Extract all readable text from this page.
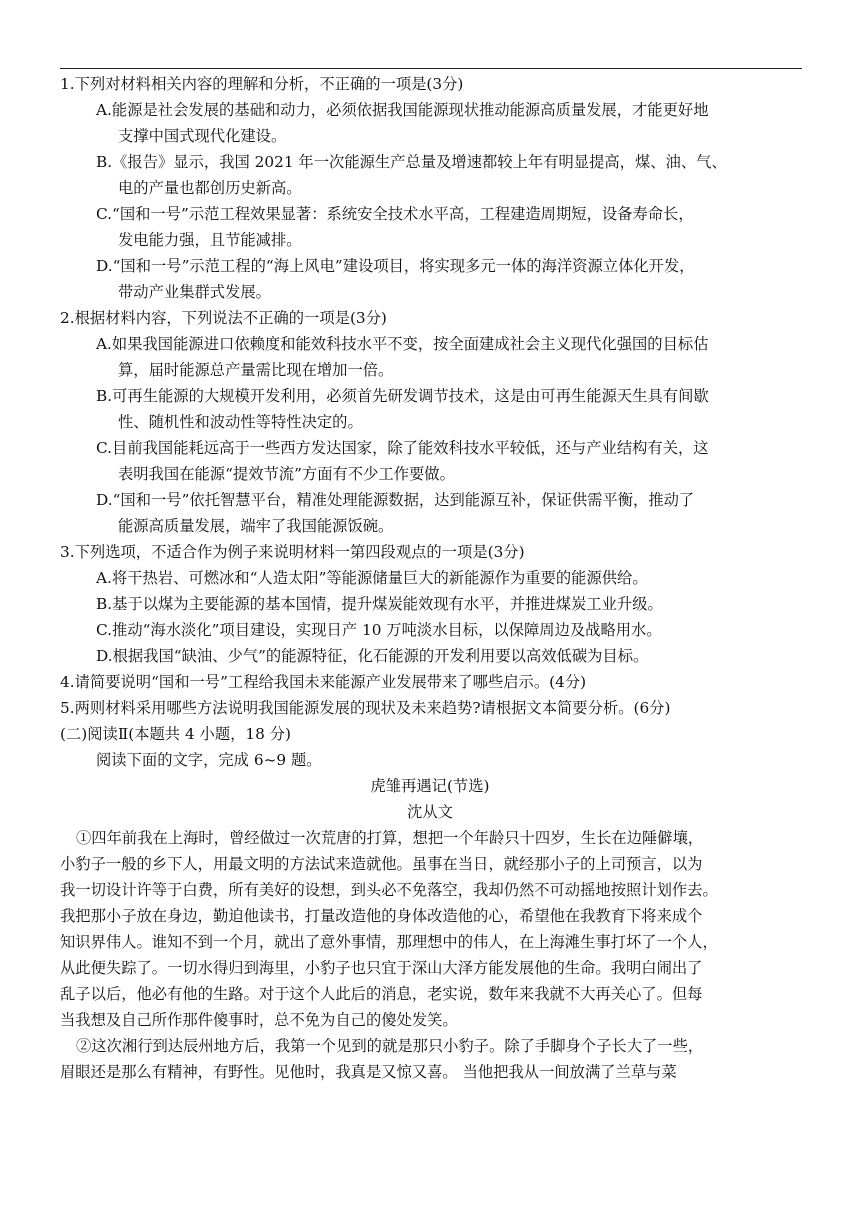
1.下列对材料相关内容的理解和分析，不正确的一项是(3分)
A.能源是社会发展的基础和动力，必须依据我国能源现状推动能源高质量发展，才能更好地
支撑中国式现代化建设。
B.《报告》显示，我国 2021 年一次能源生产总量及增速都较上年有明显提高，煤、油、气、
电的产量也都创历史新高。
C.“国和一号”示范工程效果显著：系统安全技术水平高，工程建造周期短，设备寿命长，
发电能力强，且节能减排。
D.“国和一号”示范工程的“海上风电”建设项目，将实现多元一体的海洋资源立体化开发，
带动产业集群式发展。
2.根据材料内容，下列说法不正确的一项是(3分)
A.如果我国能源进口依赖度和能效科技水平不变，按全面建成社会主义现代化强国的目标估
算，届时能源总产量需比现在增加一倍。
B.可再生能源的大规模开发利用，必须首先研发调节技术，这是由可再生能源天生具有间歇
性、随机性和波动性等特性决定的。
C.目前我国能耗远高于一些西方发达国家，除了能效科技水平较低，还与产业结构有关，这
表明我国在能源“提效节流”方面有不少工作要做。
D.“国和一号”依托智慧平台，精准处理能源数据，达到能源互补，保证供需平衡，推动了
能源高质量发展，端牢了我国能源饭碗。
3.下列选项，不适合作为例子来说明材料一第四段观点的一项是(3分)
A.将干热岩、可燃冰和“人造太阳”等能源储量巨大的新能源作为重要的能源供给。
B.基于以煤为主要能源的基本国情，提升煤炭能效现有水平，并推进煤炭工业升级。
C.推动“海水淡化”项目建设，实现日产 10 万吨淡水目标，以保障周边及战略用水。
D.根据我国“缺油、少气”的能源特征，化石能源的开发利用要以高效低碳为目标。
4.请简要说明“国和一号”工程给我国未来能源产业发展带来了哪些启示。(4分)
5.两则材料采用哪些方法说明我国能源发展的现状及未来趋势?请根据文本简要分析。(6分)
(二)阅读Ⅱ(本题共 4 小题，18 分)
阅读下面的文字，完成 6~9 题。
虎雏再遇记(节选)
沈从文
①四年前我在上海时，曾经做过一次荒唐的打算，想把一个年龄只十四岁，生长在边陲僻壤，
小豹子一般的乡下人，用最文明的方法试来造就他。虽事在当日，就经那小子的上司预言，以为
我一切设计许等于白费，所有美好的设想，到头必不免落空，我却仍然不可动摇地按照计划作去。
我把那小子放在身边，勤迫他读书，打量改造他的身体改造他的心，希望他在我教育下将来成个
知识界伟人。谁知不到一个月，就出了意外事情，那理想中的伟人，在上海滩生事打坏了一个人，
从此便失踪了。一切水得归到海里，小豹子也只宜于深山大泽方能发展他的生命。我明白闹出了
乱子以后，他必有他的生路。对于这个人此后的消息，老实说，数年来我就不大再关心了。但每
当我想及自己所作那件傻事时，总不免为自己的傻处发笑。
②这次湘行到达辰州地方后，我第一个见到的就是那只小豹子。除了手脚身个子长大了一些，
眉眼还是那么有精神，有野性。见他时，我真是又惊又喜。 当他把我从一间放满了兰草与菜
